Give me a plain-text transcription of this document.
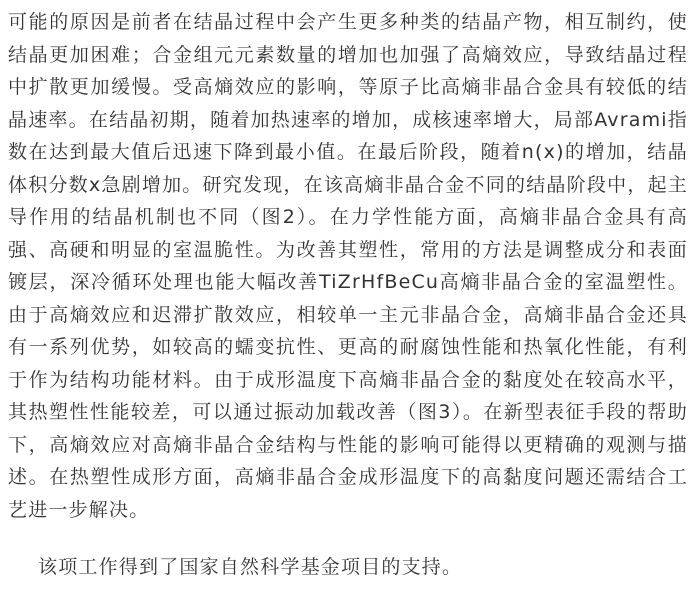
可能的原因是前者在结晶过程中会产生更多种类的结晶产物，相互制约，使结晶更加困难；合金组元元素数量的增加也加强了高熵效应，导致结晶过程中扩散更加缓慢。受高熵效应的影响，等原子比高熵非晶合金具有较低的结晶速率。在结晶初期，随着加热速率的增加，成核速率增大，局部Avrami指数在达到最大值后迅速下降到最小值。在最后阶段，随着n(x)的增加，结晶体积分数x急剧增加。研究发现，在该高熵非晶合金不同的结晶阶段中，起主导作用的结晶机制也不同（图2）。在力学性能方面，高熵非晶合金具有高强、高硬和明显的室温脆性。为改善其塑性，常用的方法是调整成分和表面镀层，深冷循环处理也能大幅改善TiZrHfBeCu高熵非晶合金的室温塑性。由于高熵效应和迟滞扩散效应，相较单一主元非晶合金，高熵非晶合金还具有一系列优势，如较高的蠕变抗性、更高的耐腐蚀性能和热氧化性能，有利于作为结构功能材料。由于成形温度下高熵非晶合金的黏度处在较高水平，其热塑性性能较差，可以通过振动加载改善（图3）。在新型表征手段的帮助下，高熵效应对高熵非晶合金结构与性能的影响可能得以更精确的观测与描述。在热塑性成形方面，高熵非晶合金成形温度下的高黏度问题还需结合工艺进一步解决。

该项工作得到了国家自然科学基金项目的支持。
